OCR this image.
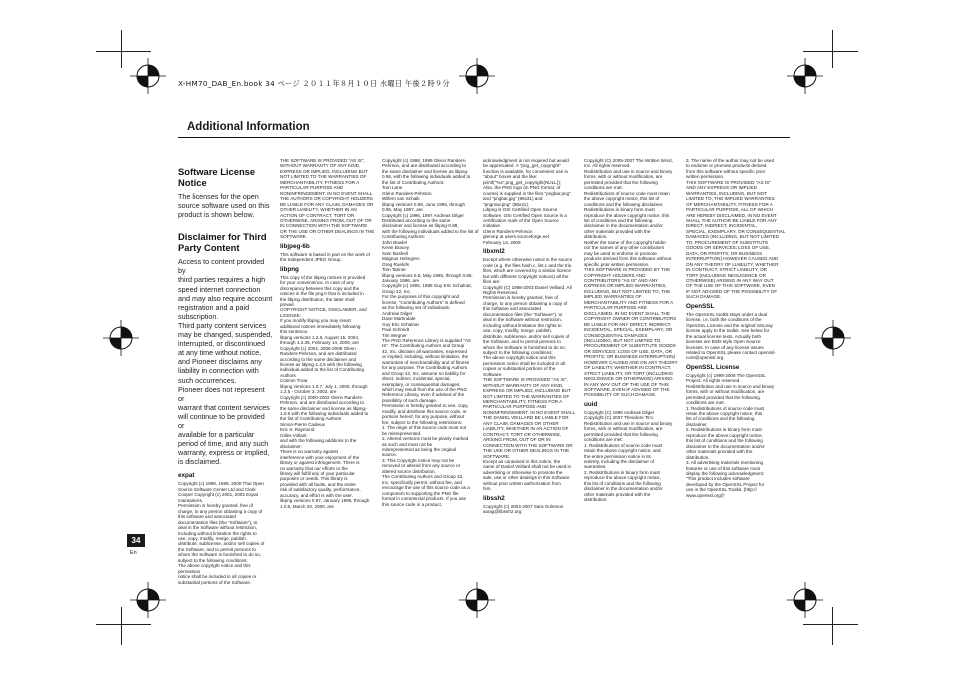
X-HM70_DAB_En.book 34 ページ ２０１１年８月１０日 水曜日 午後２時９分
Additional Information
Software License Notice

The licenses for the open
source software used on this
product is shown below.

Disclaimer for Third Party Content

Access to content provided by
third parties requires a high
speed internet connection
and may also require account
registration and a paid
subscription.
Third party content services
may be changed, suspended,
interrupted, or discontinued
at any time without notice,
and Pioneer disclaims any
liability in connection with
such occurrences.
Pioneer does not represent or
warrant that content services
will continue to be provided or
available for a particular
period of time, and any such
warranty, express or implied,
is disclaimed.

expat

Copyright (c) 1998, 1999, 2000 Thai Open
Source Software Center Ltd and Clark
Cooper Copyright (c) 2001, 2002 Expat
maintainers.
Permission is hereby granted, free of
charge, to any person obtaining a copy of
this software and associated
documentation files (the "Software"), to
deal in the Software without restriction,
including without limitation the rights to
use, copy, modify, merge, publish,
distribute, sublicense, and/or sell copies of
the Software, and to permit persons to
whom the Software is furnished to do so,
subject to the following conditions:
The above copyright notice and this permission
notice shall be included in all copies or
substantial portions of the Software.

THE SOFTWARE IS PROVIDED "AS IS",
WITHOUT WARRANTY OF ANY KIND,
EXPRESS OR IMPLIED, INCLUDING BUT
NOT LIMITED TO THE WARRANTIES OF
MERCHANTABILITY, FITNESS FOR A
PARTICULAR PURPOSE AND
NONINFRINGEMENT. IN NO EVENT SHALL
THE AUTHORS OR COPYRIGHT HOLDERS
BE LIABLE FOR ANY CLAIM, DAMAGES OR
OTHER LIABILITY, WHETHER IN AN
ACTION OF CONTRACT, TORT OR
OTHERWISE, ARISING FROM, OUT OF OR
IN CONNECTION WITH THE SOFTWARE
OR THE USE OR OTHER DEALINGS IN THE
SOFTWARE.

libjpeg-6b

This software is based in part on the work of
the Independent JPEG Group.

libpng

This copy of the libpng notices is provided
for your convenience. In case of any
discrepancy between this copy and the
notices in the file png.h that is included in
the libpng distribution, the latter shall
prevail.
COPYRIGHT NOTICE, DISCLAIMER, and
LICENSE:
If you modify libpng you may insert
additional notices immediately following
this sentence.
libpng versions 1.2.6, August 15, 2004,
through 1.2.35, February 14, 2009, are
Copyright (c) 2004, 2006-2008 Glenn
Randers-Pehrson, and are distributed
according to the same disclaimer and
license as libpng-1.2.5 with the following
individual added to the list of Contributing
Authors
Cosmin Truta
libpng versions 1.0.7, July 1, 2000, through
1.2.5 - October 3, 2002, are
Copyright (c) 2000-2002 Glenn Randers-
Pehrson, and are distributed according to
the same disclaimer and license as libpng-
1.0.6 with the following individuals added to
the list of Contributing Authors
Simon-Pierre Cadieux
Eric S. Raymond
Gilles Vollant
and with the following additions to the
disclaimer:
There is no warranty against
interference with your enjoyment of the
library or against infringement. There is
no warranty that our efforts or the
library will fulfill any of your particular
purposes or needs. This library is
provided with all faults, and the entire
risk of satisfactory quality, performance,
accuracy, and effort is with the user.
libpng versions 0.97, January 1998, through
1.0.6, March 20, 2000, are

Copyright (c) 1998, 1999 Glenn Randers-
Pehrson, and are distributed according to
the same disclaimer and license as libpng-
0.96, with the following individuals added to
the list of Contributing Authors:
Tom Lane
Glenn Randers-Pehrson
Willem van Schaik
libpng versions 0.89, June 1996, through
0.96, May 1997, are
Copyright (c) 1996, 1997 Andreas Dilger
Distributed according to the same
disclaimer and license as libpng-0.88,
with the following individuals added to the list of
Contributing Authors:
John Bowler
Kevin Bracey
Sam Bushell
Magnus Holmgren
Greg Roelofs
Tom Tanner
libpng versions 0.5, May 1995, through 0.88,
January 1996, are
Copyright (c) 1995, 1996 Guy Eric Schalnat,
Group 42, Inc.
For the purposes of this copyright and
license, "Contributing Authors" is defined
as the following set of individuals:
Andreas Dilger
Dave Martindale
Guy Eric Schalnat
Paul Schmidt
Tim Wegner
The PNG Reference Library is supplied "AS
IS". The Contributing Authors and Group
42, Inc. disclaim all warranties, expressed
or implied, including, without limitation, the
warranties of merchantability and of fitness
for any purpose. The Contributing Authors
and Group 42, Inc. assume no liability for
direct, indirect, incidental, special,
exemplary, or consequential damages,
which may result from the use of the PNG
Reference Library, even if advised of the
possibility of such damage.
Permission is hereby granted to use, copy,
modify, and distribute this source code, or
portions hereof, for any purpose, without
fee, subject to the following restrictions:
1. The origin of this source code must not
be misrepresented.
2. Altered versions must be plainly marked
as such and must not be
misrepresented as being the original
source.
3. This Copyright notice may not be
removed or altered from any source or
altered source distribution.
The Contributing Authors and Group 42,
Inc. specifically permit, without fee, and
encourage the use of this source code as a
component to supporting the PNG file
format in commercial products. If you use
this source code in a product,

acknowledgment is not required but would
be appreciated. A "png_get_copyright"
function is available, for convenient use in
"about" boxes and the like:
printf("%s",png_get_copyright(NULL));
Also, the PNG logo (in PNG format, of
course) is supplied in the files "pngbar.png"
and "pngbar.jpg" (88x31) and
"pngnow.png" (98x31).
Libpng is OSI Certified Open Source
Software. OSI Certified Open Source is a
certification mark of the Open Source
Initiative.
Glenn Randers-Pehrson
glennrp at users.sourceforge.net
February 14, 2009

libxml2

Except where otherwise noted in the source
code (e.g. the files hash.c, list.c and the trio
files, which are covered by a similar licence
but with different Copyright notices) all the
files are:
Copyright (C) 1998-2003 Daniel Veillard. All
Rights Reserved.
Permission is hereby granted, free of
charge, to any person obtaining a copy of
this software and associated
documentation files (the "Software"), to
deal in the Software without restriction,
including without limitation the rights to
use, copy, modify, merge, publish,
distribute, sublicense, and/or sell copies of
the Software, and to permit persons to
whom the Software is furnished to do so,
subject to the following conditions:
The above copyright notice and this
permission notice shall be included in all
copies or substantial portions of the
Software.
THE SOFTWARE IS PROVIDED "AS IS",
WITHOUT WARRANTY OF ANY KIND,
EXPRESS OR IMPLIED, INCLUDING BUT
NOT LIMITED TO THE WARRANTIES OF
MERCHANTABILITY, FITNESS FOR A
PARTICULAR PURPOSE AND
NONINFRINGEMENT. IN NO EVENT SHALL
THE DANIEL VEILLARD BE LIABLE FOR
ANY CLAIM, DAMAGES OR OTHER
LIABILITY, WHETHER IN AN ACTION OF
CONTRACT, TORT OR OTHERWISE,
ARISING FROM, OUT OF OR IN
CONNECTION WITH THE SOFTWARE OR
THE USE OR OTHER DEALINGS IN THE
SOFTWARE.
Except as contained in this notice, the
name of Daniel Veillard shall not be used in
advertising or otherwise to promote the
sale, use or other dealings in this Software
without prior written authorization from
him.

libssh2

Copyright (c) 2004-2007 Sara Golemon
sarag@libssh2.org

Copyright (C) 2005-2007 The Written Word,
Inc. All rights reserved.
Redistribution and use in source and binary
forms, with or without modification, are
permitted provided that the following
conditions are met:
Redistributions of source code must retain
the above copyright notice, this list of
conditions and the following disclaimer.
Redistributions in binary form must
reproduce the above copyright notice, this
list of conditions and the following
disclaimer in the documentation and/or
other materials provided with the
distribution.
Neither the name of the copyright holder
nor the names of any other contributors
may be used to endorse or promote
products derived from this software without
specific prior written permission.
THIS SOFTWARE IS PROVIDED BY THE
COPYRIGHT HOLDERS AND
CONTRIBUTORS "AS IS" AND ANY
EXPRESS OR IMPLIED WARRANTIES,
INCLUDING, BUT NOT LIMITED TO, THE
IMPLIED WARRANTIES OF
MERCHANTABILITY AND FITNESS FOR A
PARTICULAR PURPOSE ARE
DISCLAIMED. IN NO EVENT SHALL THE
COPYRIGHT OWNER OR CONTRIBUTORS
BE LIABLE FOR ANY DIRECT, INDIRECT,
INCIDENTAL, SPECIAL, EXEMPLARY, OR
CONSEQUENTIAL DAMAGES
(INCLUDING, BUT NOT LIMITED TO,
PROCUREMENT OF SUBSTITUTE GOODS
OR SERVICES; LOSS OF USE, DATA, OR
PROFITS; OR BUSINESS INTERRUPTION)
HOWEVER CAUSED AND ON ANY THEORY
OF LIABILITY, WHETHER IN CONTRACT,
STRICT LIABILITY, OR TORT (INCLUDING
NEGLIGENCE OR OTHERWISE) ARISING
IN ANY WAY OUT OF THE USE OF THIS
SOFTWARE, EVEN IF ADVISED OF THE
POSSIBILITY OF SUCH DAMAGE.

uuid

Copyright (C) 1996 Andreas Dilger
Copyright (C) 2007 Theodore Ts'o.
Redistribution and use in source and binary
forms, with or without modification, are
permitted provided that the following
conditions are met:
1. Redistributions of source code must
retain the above copyright notice, and
the entire permission notice in its
entirety, including the disclaimer of
warranties.
2. Redistributions in binary form must
reproduce the above copyright notice,
this list of conditions and the following
disclaimer in the documentation and/or
other materials provided with the
distribution.

3. The name of the author may not be used
to endorse or promote products derived
from this software without specific prior
written permission.
THIS SOFTWARE IS PROVIDED "AS IS"
AND ANY EXPRESS OR IMPLIED
WARRANTIES, INCLUDING, BUT NOT
LIMITED TO, THE IMPLIED WARRANTIES
OF MERCHANTABILITY, FITNESS FOR A
PARTICULAR PURPOSE, ALL OF WHICH
ARE HEREBY DISCLAIMED. IN NO EVENT
SHALL THE AUTHOR BE LIABLE FOR ANY
DIRECT, INDIRECT, INCIDENTAL,
SPECIAL, EXEMPLARY, OR CONSEQUENTIAL
DAMAGES (INCLUDING, BUT NOT LIMITED
TO, PROCUREMENT OF SUBSTITUTE
GOODS OR SERVICES; LOSS OF USE,
DATA, OR PROFITS; OR BUSINESS
INTERRUPTION) HOWEVER CAUSED AND
ON ANY THEORY OF LIABILITY, WHETHER
IN CONTRACT, STRICT LIABILITY, OR
TORT (INCLUDING NEGLIGENCE OR
OTHERWISE) ARISING IN ANY WAY OUT
OF THE USE OF THIS SOFTWARE, EVEN
IF NOT ADVISED OF THE POSSIBILITY OF
SUCH DAMAGE.

OpenSSL

The OpenSSL toolkit stays under a dual
license, i.e. both the conditions of the
OpenSSL License and the original SSLeay
license apply to the toolkit. See below for
the actual license texts. Actually both
licenses are BSD-style Open Source
licenses. In case of any license issues
related to OpenSSL please contact openssl-
core@openssl.org.

OpenSSL License

Copyright (c) 1998-2008 The OpenSSL
Project. All rights reserved.
Redistribution and use in source and binary
forms, with or without modification, are
permitted provided that the following
conditions are met:
1. Redistributions of source code must
retain the above copyright notice, this
list of conditions and the following
disclaimer.
2. Redistributions in binary form must
reproduce the above copyright notice,
this list of conditions and the following
disclaimer in the documentation and/or
other materials provided with the
distribution.
3. All advertising materials mentioning
features or use of this software must
display the following acknowledgment:
"This product includes software
developed by the OpenSSL Project for
use in the OpenSSL Toolkit. (http://
www.openssl.org/)"

34
En
